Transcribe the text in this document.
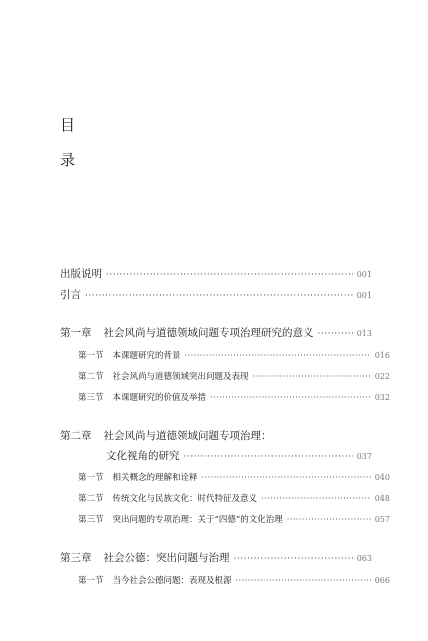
目
录
出版说明 ·····	001
引言 ·····	001
第一章 社会风尚与道德领域问题专项治理研究的意义 ·····	013
第一节 本课题研究的背景 ·····	016
第二节 社会风尚与道德领域突出问题及表现 ·····	022
第三节 本课题研究的价值及举措 ·····	032
第二章 社会风尚与道德领域问题专项治理：
文化视角的研究 ·····	037
第一节 相关概念的理解和诠释 ·····	040
第二节 传统文化与民族文化：时代特征及意义 ·····	048
第三节 突出问题的专项治理：关于“四德”的文化治理 ·····	057
第三章 社会公德：突出问题与治理 ·····	063
第一节 当今社会公德问题：表现及根源 ·····	066
